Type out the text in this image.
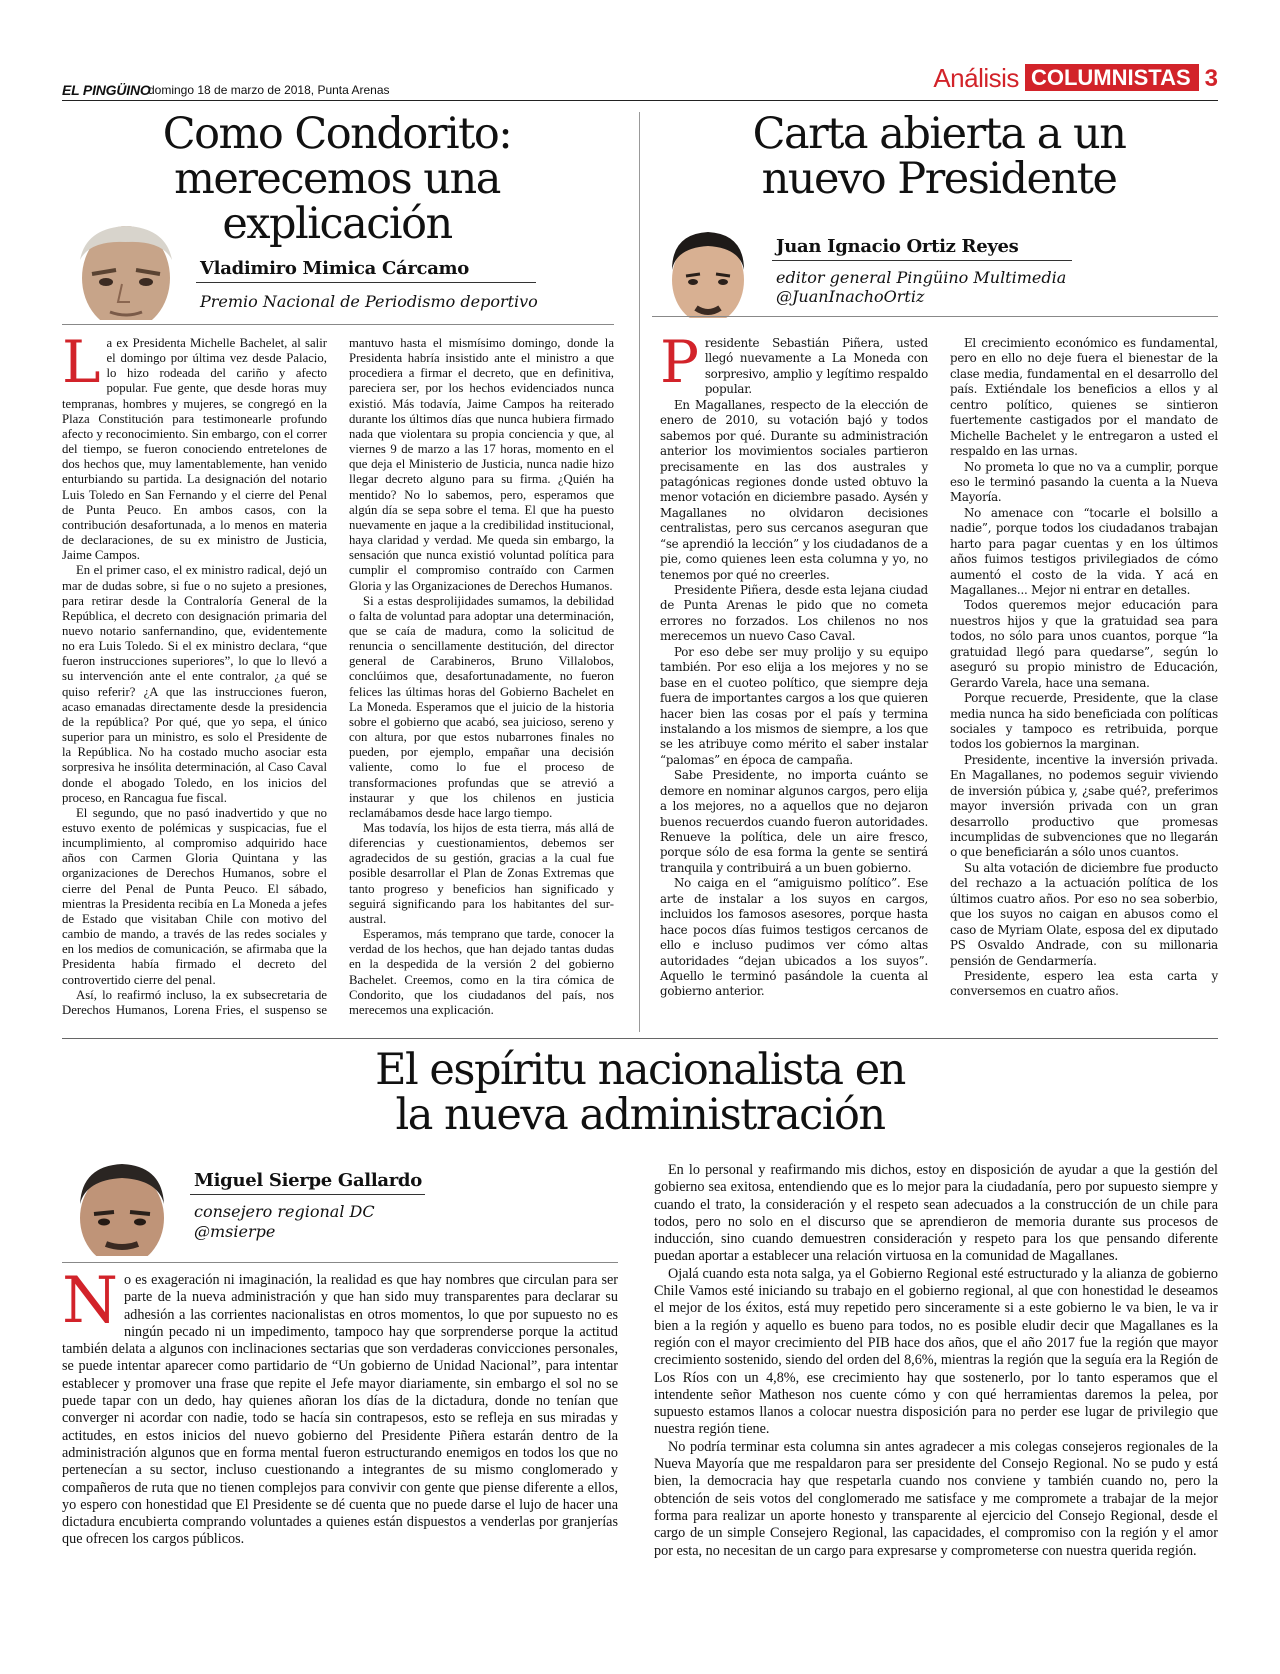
EL PINGÜINO
domingo 18 de marzo de 2018, Punta Arenas	Análisis COLUMNISTAS 3
Como Condorito:
merecemos una explicación
Vladimiro Mimica Cárcamo
Premio Nacional de Periodismo deportivo

La ex Presidenta Michelle Bachelet, al salir el domingo por última vez desde Palacio, lo hizo rodeada del cariño y afecto popular. Fue gente, que desde horas muy tempranas, hombres y mujeres, se congregó en la Plaza Constitución para testimonearle profundo afecto y reconocimiento. Sin embargo, con el correr del tiempo, se fueron conociendo entretelones de dos hechos que, muy lamentablemente, han venido enturbiando su partida. La designación del notario Luis Toledo en San Fernando y el cierre del Penal de Punta Peuco. En ambos casos, con la contribución desafortunada, a lo menos en materia de declaraciones, de su ex ministro de Justicia, Jaime Campos.

En el primer caso, el ex ministro radical, dejó un mar de dudas sobre, si fue o no sujeto a presiones, para retirar desde la Contraloría General de la República, el decreto con designación primaria del nuevo notario sanfernandino, que, evidentemente no era Luis Toledo. Si el ex ministro declara, “que fueron instrucciones superiores”, lo que lo llevó a su intervención ante el ente contralor, ¿a qué se quiso referir? ¿A que las instrucciones fueron, acaso emanadas directamente desde la presidencia de la república? Por qué, que yo sepa, el único superior para un ministro, es solo el Presidente de la República. No ha costado mucho asociar esta sorpresiva he insólita determinación, al Caso Caval donde el abogado Toledo, en los inicios del proceso, en Rancagua fue fiscal.

El segundo, que no pasó inadvertido y que no estuvo exento de polémicas y suspicacias, fue el incumplimiento, al compromiso adquirido hace años con Carmen Gloria Quintana y las organizaciones de Derechos Humanos, sobre el cierre del Penal de Punta Peuco. El sábado, mientras la Presidenta recibía en La Moneda a jefes de Estado que visitaban Chile con motivo del cambio de mando, a través de las redes sociales y en los medios de comunicación, se afirmaba que la Presidenta había firmado el decreto del controvertido cierre del penal.

Así, lo reafirmó incluso, la ex subsecretaria de Derechos Humanos, Lorena Fries, el suspenso se mantuvo hasta el mismísimo domingo, donde la Presidenta habría insistido ante el ministro a que procediera a firmar el decreto, que en definitiva, pareciera ser, por los hechos evidenciados nunca existió. Más todavía, Jaime Campos ha reiterado durante los últimos días que nunca hubiera firmado nada que violentara su propia conciencia y que, al viernes 9 de marzo a las 17 horas, momento en el que deja el Ministerio de Justicia, nunca nadie hizo llegar decreto alguno para su firma. ¿Quién ha mentido? No lo sabemos, pero, esperamos que algún día se sepa sobre el tema. El que ha puesto nuevamente en jaque a la credibilidad institucional, haya claridad y verdad. Me queda sin embargo, la sensación que nunca existió voluntad política para cumplir el compromiso contraído con Carmen Gloria y las Organizaciones de Derechos Humanos.

Si a estas desprolijidades sumamos, la debilidad o falta de voluntad para adoptar una determinación, que se caía de madura, como la solicitud de renuncia o sencillamente destitución, del director general de Carabineros, Bruno Villalobos, conclúimos que, desafortunadamente, no fueron felices las últimas horas del Gobierno Bachelet en La Moneda. Esperamos que el juicio de la historia sobre el gobierno que acabó, sea juicioso, sereno y con altura, por que estos nubarrones finales no pueden, por ejemplo, empañar una decisión valiente, como lo fue el proceso de transformaciones profundas que se atrevió a instaurar y que los chilenos en justicia reclamábamos desde hace largo tiempo.

Mas todavía, los hijos de esta tierra, más allá de diferencias y cuestionamientos, debemos ser agradecidos de su gestión, gracias a la cual fue posible desarrollar el Plan de Zonas Extremas que tanto progreso y beneficios han significado y seguirá significando para los habitantes del sur-austral.

Esperamos, más temprano que tarde, conocer la verdad de los hechos, que han dejado tantas dudas en la despedida de la versión 2 del gobierno Bachelet. Creemos, como en la tira cómica de Condorito, que los ciudadanos del país, nos merecemos una explicación.

Carta abierta a un
nuevo Presidente
Juan Ignacio Ortiz Reyes
editor general Pingüino Multimedia
@JuanInachoOrtiz

Presidente Sebastián Piñera, usted llegó nuevamente a La Moneda con sorpresivo, amplio y legítimo respaldo popular.

En Magallanes, respecto de la elección de enero de 2010, su votación bajó y todos sabemos por qué. Durante su administración anterior los movimientos sociales partieron precisamente en las dos australes y patagónicas regiones donde usted obtuvo la menor votación en diciembre pasado. Aysén y Magallanes no olvidaron decisiones centralistas, pero sus cercanos aseguran que “se aprendió la lección” y los ciudadanos de a pie, como quienes leen esta columna y yo, no tenemos por qué no creerles.

Presidente Piñera, desde esta lejana ciudad de Punta Arenas le pido que no cometa errores no forzados. Los chilenos no nos merecemos un nuevo Caso Caval.

Por eso debe ser muy prolijo y su equipo también. Por eso elija a los mejores y no se base en el cuoteo político, que siempre deja fuera de importantes cargos a los que quieren hacer bien las cosas por el país y termina instalando a los mismos de siempre, a los que se les atribuye como mérito el saber instalar “palomas” en época de campaña.

Sabe Presidente, no importa cuánto se demore en nominar algunos cargos, pero elija a los mejores, no a aquellos que no dejaron buenos recuerdos cuando fueron autoridades. Renueve la política, dele un aire fresco, porque sólo de esa forma la gente se sentirá tranquila y contribuirá a un buen gobierno.

No caiga en el “amiguismo político”. Ese arte de instalar a los suyos en cargos, incluidos los famosos asesores, porque hasta hace pocos días fuimos testigos cercanos de ello e incluso pudimos ver cómo altas autoridades “dejan ubicados a los suyos”. Aquello le terminó pasándole la cuenta al gobierno anterior.

El crecimiento económico es fundamental, pero en ello no deje fuera el bienestar de la clase media, fundamental en el desarrollo del país. Extiéndale los beneficios a ellos y al centro político, quienes se sintieron fuertemente castigados por el mandato de Michelle Bachelet y le entregaron a usted el respaldo en las urnas.

No prometa lo que no va a cumplir, porque eso le terminó pasando la cuenta a la Nueva Mayoría.

No amenace con “tocarle el bolsillo a nadie”, porque todos los ciudadanos trabajan harto para pagar cuentas y en los últimos años fuimos testigos privilegiados de cómo aumentó el costo de la vida. Y acá en Magallanes... Mejor ni entrar en detalles.

Todos queremos mejor educación para nuestros hijos y que la gratuidad sea para todos, no sólo para unos cuantos, porque “la gratuidad llegó para quedarse”, según lo aseguró su propio ministro de Educación, Gerardo Varela, hace una semana.

Porque recuerde, Presidente, que la clase media nunca ha sido beneficiada con políticas sociales y tampoco es retribuida, porque todos los gobiernos la marginan.

Presidente, incentive la inversión privada. En Magallanes, no podemos seguir viviendo de inversión púbica y, ¿sabe qué?, preferimos mayor inversión privada con un gran desarrollo productivo que promesas incumplidas de subvenciones que no llegarán o que beneficiarán a sólo unos cuantos.

Su alta votación de diciembre fue producto del rechazo a la actuación política de los últimos cuatro años. Por eso no sea soberbio, que los suyos no caigan en abusos como el caso de Myriam Olate, esposa del ex diputado PS Osvaldo Andrade, con su millonaria pensión de Gendarmería.

Presidente, espero lea esta carta y conversemos en cuatro años.

El espíritu nacionalista en
la nueva administración
Miguel Sierpe Gallardo
consejero regional DC
@msierpe

No es exageración ni imaginación, la realidad es que hay nombres que circulan para ser parte de la nueva administración y que han sido muy transparentes para declarar su adhesión a las corrientes nacionalistas en otros momentos, lo que por supuesto no es ningún pecado ni un impedimento, tampoco hay que sorprenderse porque la actitud también delata a algunos con inclinaciones sectarias que son verdaderas convicciones personales, se puede intentar aparecer como partidario de “Un gobierno de Unidad Nacional”, para intentar establecer y promover una frase que repite el Jefe mayor diariamente, sin embargo el sol no se puede tapar con un dedo, hay quienes añoran los días de la dictadura, donde no tenían que converger ni acordar con nadie, todo se hacía sin contrapesos, esto se refleja en sus miradas y actitudes, en estos inicios del nuevo gobierno del Presidente Piñera estarán dentro de la administración algunos que en forma mental fueron estructurando enemigos en todos los que no pertenecían a su sector, incluso cuestionando a integrantes de su mismo conglomerado y compañeros de ruta que no tienen complejos para convivir con gente que piense diferente a ellos, yo espero con honestidad que El Presidente se dé cuenta que no puede darse el lujo de hacer una dictadura encubierta comprando voluntades a quienes están dispuestos a venderlas por granjerías que ofrecen los cargos públicos.

En lo personal y reafirmando mis dichos, estoy en disposición de ayudar a que la gestión del gobierno sea exitosa, entendiendo que es lo mejor para la ciudadanía, pero por supuesto siempre y cuando el trato, la consideración y el respeto sean adecuados a la construcción de un chile para todos, pero no solo en el discurso que se aprendieron de memoria durante sus procesos de inducción, sino cuando demuestren consideración y respeto para los que pensando diferente puedan aportar a establecer una relación virtuosa en la comunidad de Magallanes.

Ojalá cuando esta nota salga, ya el Gobierno Regional esté estructurado y la alianza de gobierno Chile Vamos esté iniciando su trabajo en el gobierno regional, al que con honestidad le deseamos el mejor de los éxitos, está muy repetido pero sinceramente si a este gobierno le va bien, le va ir bien a la región y aquello es bueno para todos, no es posible eludir decir que Magallanes es la región con el mayor crecimiento del PIB hace dos años, que el año 2017 fue la región que mayor crecimiento sostenido, siendo del orden del 8,6%, mientras la región que la seguía era la Región de Los Ríos con un 4,8%, ese crecimiento hay que sostenerlo, por lo tanto esperamos que el intendente señor Matheson nos cuente cómo y con qué herramientas daremos la pelea, por supuesto estamos llanos a colocar nuestra disposición para no perder ese lugar de privilegio que nuestra región tiene.

No podría terminar esta columna sin antes agradecer a mis colegas consejeros regionales de la Nueva Mayoría que me respaldaron para ser presidente del Consejo Regional. No se pudo y está bien, la democracia hay que respetarla cuando nos conviene y también cuando no, pero la obtención de seis votos del conglomerado me satisface y me compromete a trabajar de la mejor forma para realizar un aporte honesto y transparente al ejercicio del Consejo Regional, desde el cargo de un simple Consejero Regional, las capacidades, el compromiso con la región y el amor por esta, no necesitan de un cargo para expresarse y comprometerse con nuestra querida región.
